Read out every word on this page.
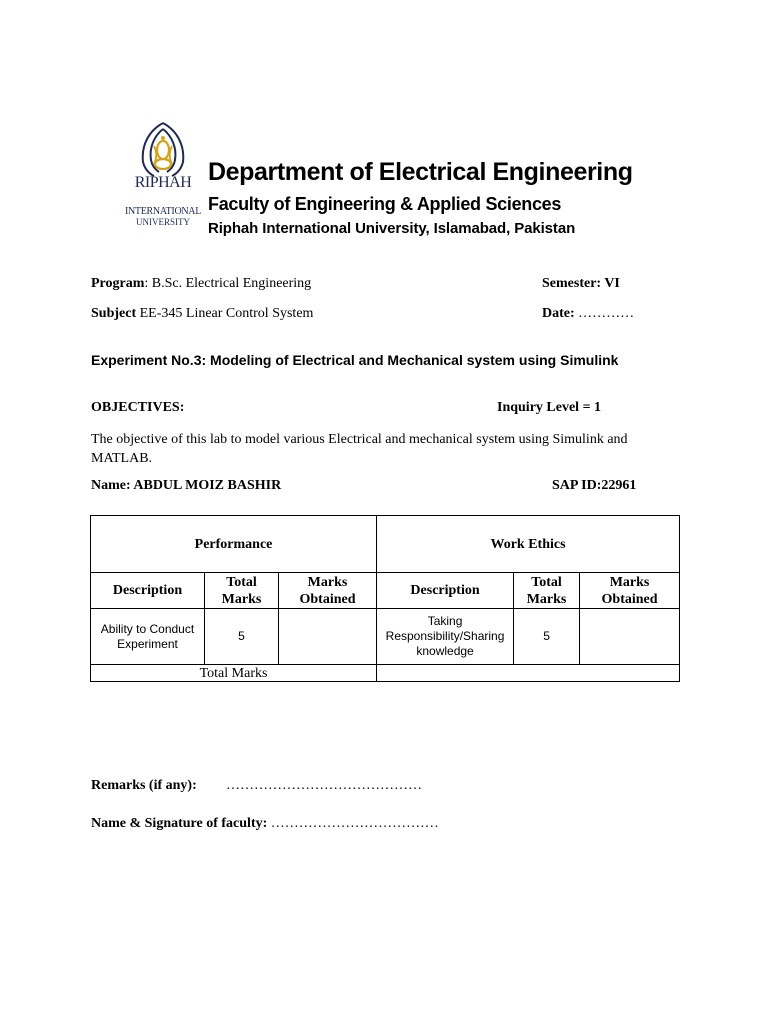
RIPHAH
INTERNATIONAL
UNIVERSITY
Department of Electrical Engineering
Faculty of Engineering & Applied Sciences
Riphah International University, Islamabad, Pakistan
Program: B.Sc. Electrical Engineering	Semester: VI
Subject EE-345 Linear Control System	Date: …………
Experiment No.3: Modeling of Electrical and Mechanical system using Simulink
OBJECTIVES:	Inquiry Level = 1
The objective of this lab to model various Electrical and mechanical system using Simulink and MATLAB.
Name: ABDUL MOIZ BASHIR	SAP ID:22961
Performance			Work Ethics		
Description	Total Marks	Marks Obtained	Description	Total Marks	Marks Obtained
Ability to Conduct Experiment	5		Taking Responsibility/Sharing knowledge	5	
Total Marks					
Remarks (if any): ……………………………………
Name & Signature of faculty: ………………………………
